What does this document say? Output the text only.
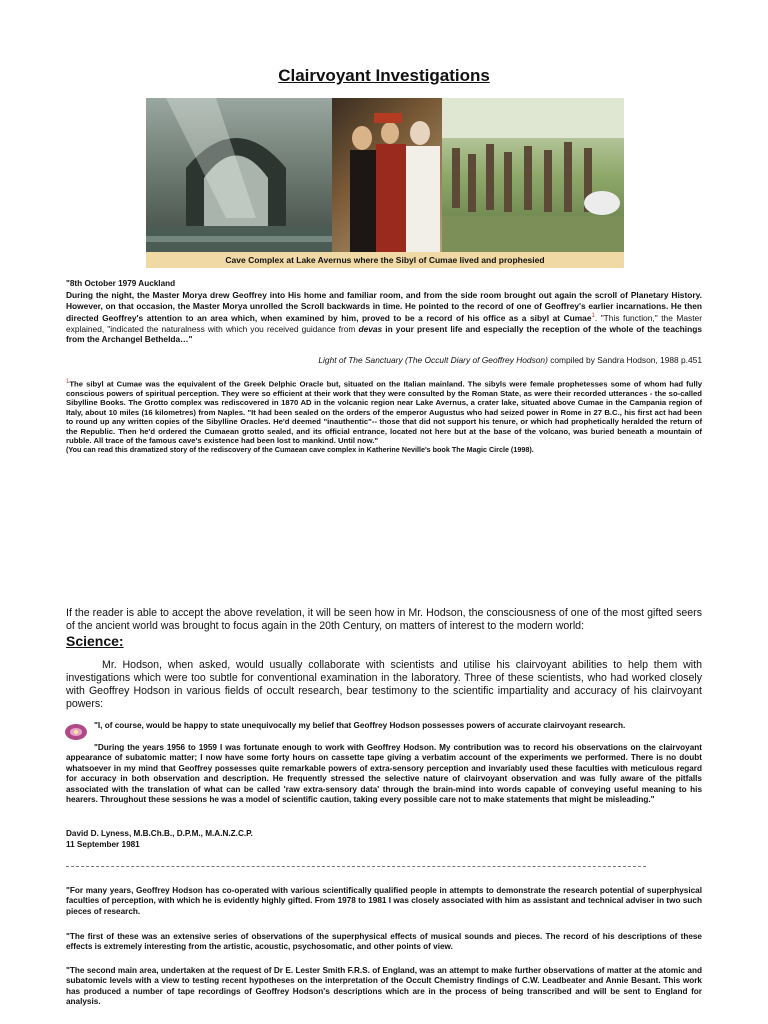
Clairvoyant Investigations
Cave Complex at Lake Avernus where the Sibyl of Cumae lived and prophesied
"8th October 1979 Auckland
During the night, the Master Morya drew Geoffrey into His home and familiar room, and from the side room brought out again the scroll of Planetary History. However, on that occasion, the Master Morya unrolled the Scroll backwards in time. He pointed to the record of one of Geoffrey's earlier incarnations. He then directed Geoffrey's attention to an area which, when examined by him, proved to be a record of his office as a sibyl at Cumae$^1$. "This function," the Master explained, "indicated the naturalness with which you received guidance from devas in your present life and especially the reception of the whole of the teachings from the Archangel Bethelda…"
Light of The Sanctuary (The Occult Diary of Geoffrey Hodson) compiled by Sandra Hodson, 1988 p.451
$^1$The sibyl at Cumae was the equivalent of the Greek Delphic Oracle but, situated on the Italian mainland. The sibyls were female prophetesses some of whom had fully conscious powers of spiritual perception. They were so efficient at their work that they were consulted by the Roman State, as were their recorded utterances - the so-called Sibylline Books. The Grotto complex was rediscovered in 1870 AD in the volcanic region near Lake Avernus, a crater lake, situated above Cumae in the Campania region of Italy, about 10 miles (16 kilometres) from Naples. "It had been sealed on the orders of the emperor Augustus who had seized power in Rome in 27 B.C., his first act had been to round up any written copies of the Sibylline Oracles. He'd deemed "inauthentic"-- those that did not support his tenure, or which had prophetically heralded the return of the Republic. Then he'd ordered the Cumaean grotto sealed, and its official entrance, located not here but at the base of the volcano, was buried beneath a mountain of rubble. All trace of the famous cave's existence had been lost to mankind. Until now."
(You can read this dramatized story of the rediscovery of the Cumaean cave complex in Katherine Neville's book The Magic Circle (1998).
If the reader is able to accept the above revelation, it will be seen how in Mr. Hodson, the consciousness of one of the most gifted seers of the ancient world was brought to focus again in the 20th Century, on matters of interest to the modern world:
Science:
Mr. Hodson, when asked, would usually collaborate with scientists and utilise his clairvoyant abilities to help them with investigations which were too subtle for conventional examination in the laboratory. Three of these scientists, who had worked closely with Geoffrey Hodson in various fields of occult research, bear testimony to the scientific impartiality and accuracy of his clairvoyant powers:
"I, of course, would be happy to state unequivocally my belief that Geoffrey Hodson possesses powers of accurate clairvoyant research.
"During the years 1956 to 1959 I was fortunate enough to work with Geoffrey Hodson. My contribution was to record his observations on the clairvoyant appearance of subatomic matter; I now have some forty hours on cassette tape giving a verbatim account of the experiments we performed. There is no doubt whatsoever in my mind that Geoffrey possesses quite remarkable powers of extra-sensory perception and invariably used these faculties with meticulous regard for accuracy in both observation and description. He frequently stressed the selective nature of clairvoyant observation and was fully aware of the pitfalls associated with the translation of what can be called 'raw extra-sensory data' through the brain-mind into words capable of conveying useful meaning to his hearers. Throughout these sessions he was a model of scientific caution, taking every possible care not to make statements that might be misleading."
David D. Lyness, M.B.Ch.B., D.P.M., M.A.N.Z.C.P.
11 September 1981
"For many years, Geoffrey Hodson has co-operated with various scientifically qualified people in attempts to demonstrate the research potential of superphysical faculties of perception, with which he is evidently highly gifted. From 1978 to 1981 I was closely associated with him as assistant and technical adviser in two such pieces of research.
"The first of these was an extensive series of observations of the superphysical effects of musical sounds and pieces. The record of his descriptions of these effects is extremely interesting from the artistic, acoustic, psychosomatic, and other points of view.
"The second main area, undertaken at the request of Dr E. Lester Smith F.R.S. of England, was an attempt to make further observations of matter at the atomic and subatomic levels with a view to testing recent hypotheses on the interpretation of the Occult Chemistry findings of C.W. Leadbeater and Annie Besant. This work has produced a number of tape recordings of Geoffrey Hodson's descriptions which are in the process of being transcribed and will be sent to England for analysis.
